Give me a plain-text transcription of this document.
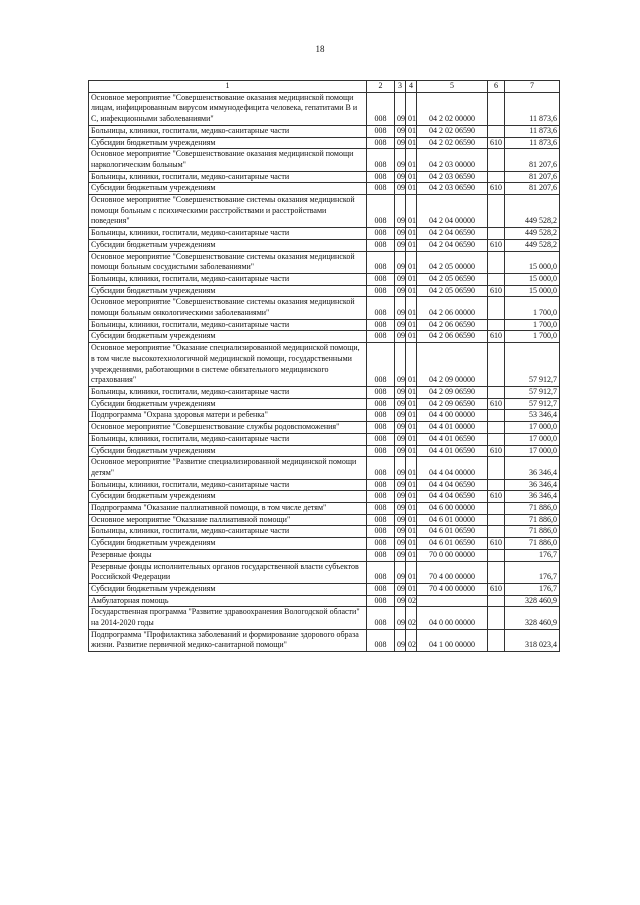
18
1	2	3	4	5	6	7
Основное мероприятие "Совершенствование оказания медицинской помощи лицам, инфицированным вирусом иммунодефицита человека, гепатитами В и С, инфекционными заболеваниями"	008	09	01	04 2 02 00000		11 873,6
Больницы, клиники, госпитали, медико-санитарные части	008	09	01	04 2 02 06590		11 873,6
Субсидии бюджетным учреждениям	008	09	01	04 2 02 06590	610	11 873,6
Основное мероприятие "Совершенствование оказания медицинской помощи наркологическим больным"	008	09	01	04 2 03 00000		81 207,6
Больницы, клиники, госпитали, медико-санитарные части	008	09	01	04 2 03 06590		81 207,6
Субсидии бюджетным учреждениям	008	09	01	04 2 03 06590	610	81 207,6
Основное мероприятие "Совершенствование системы оказания медицинской помощи больным с психическими расстройствами и расстройствами поведения"	008	09	01	04 2 04 00000		449 528,2
Больницы, клиники, госпитали, медико-санитарные части	008	09	01	04 2 04 06590		449 528,2
Субсидии бюджетным учреждениям	008	09	01	04 2 04 06590	610	449 528,2
Основное мероприятие "Совершенствование системы оказания медицинской помощи больным сосудистыми заболеваниями"	008	09	01	04 2 05 00000		15 000,0
Больницы, клиники, госпитали, медико-санитарные части	008	09	01	04 2 05 06590		15 000,0
Субсидии бюджетным учреждениям	008	09	01	04 2 05 06590	610	15 000,0
Основное мероприятие "Совершенствование системы оказания медицинской помощи больным онкологическими заболеваниями"	008	09	01	04 2 06 00000		1 700,0
Больницы, клиники, госпитали, медико-санитарные части	008	09	01	04 2 06 06590		1 700,0
Субсидии бюджетным учреждениям	008	09	01	04 2 06 06590	610	1 700,0
Основное мероприятие "Оказание специализированной медицинской помощи, в том числе высокотехнологичной медицинской помощи, государственными учреждениями, работающими в системе обязательного медицинского страхования"	008	09	01	04 2 09 00000		57 912,7
Больницы, клиники, госпитали, медико-санитарные части	008	09	01	04 2 09 06590		57 912,7
Субсидии бюджетным учреждениям	008	09	01	04 2 09 06590	610	57 912,7
Подпрограмма "Охрана здоровья матери и ребенка"	008	09	01	04 4 00 00000		53 346,4
Основное мероприятие "Совершенствование службы родовспоможения"	008	09	01	04 4 01 00000		17 000,0
Больницы, клиники, госпитали, медико-санитарные части	008	09	01	04 4 01 06590		17 000,0
Субсидии бюджетным учреждениям	008	09	01	04 4 01 06590	610	17 000,0
Основное мероприятие "Развитие специализированной медицинской помощи детям"	008	09	01	04 4 04 00000		36 346,4
Больницы, клиники, госпитали, медико-санитарные части	008	09	01	04 4 04 06590		36 346,4
Субсидии бюджетным учреждениям	008	09	01	04 4 04 06590	610	36 346,4
Подпрограмма "Оказание паллиативной помощи, в том числе детям"	008	09	01	04 6 00 00000		71 886,0
Основное мероприятие "Оказание паллиативной помощи"	008	09	01	04 6 01 00000		71 886,0
Больницы, клиники, госпитали, медико-санитарные части	008	09	01	04 6 01 06590		71 886,0
Субсидии бюджетным учреждениям	008	09	01	04 6 01 06590	610	71 886,0
Резервные фонды	008	09	01	70 0 00 00000		176,7
Резервные фонды исполнительных органов государственной власти субъектов Российской Федерации	008	09	01	70 4 00 00000		176,7
Субсидии бюджетным учреждениям	008	09	01	70 4 00 00000	610	176,7
Амбулаторная помощь	008	09	02			328 460,9
Государственная программа "Развитие здравоохранения Вологодской области" на 2014-2020 годы	008	09	02	04 0 00 00000		328 460,9
Подпрограмма "Профилактика заболеваний и формирование здорового образа жизни. Развитие первичной медико-санитарной помощи"	008	09	02	04 1 00 00000		318 023,4
